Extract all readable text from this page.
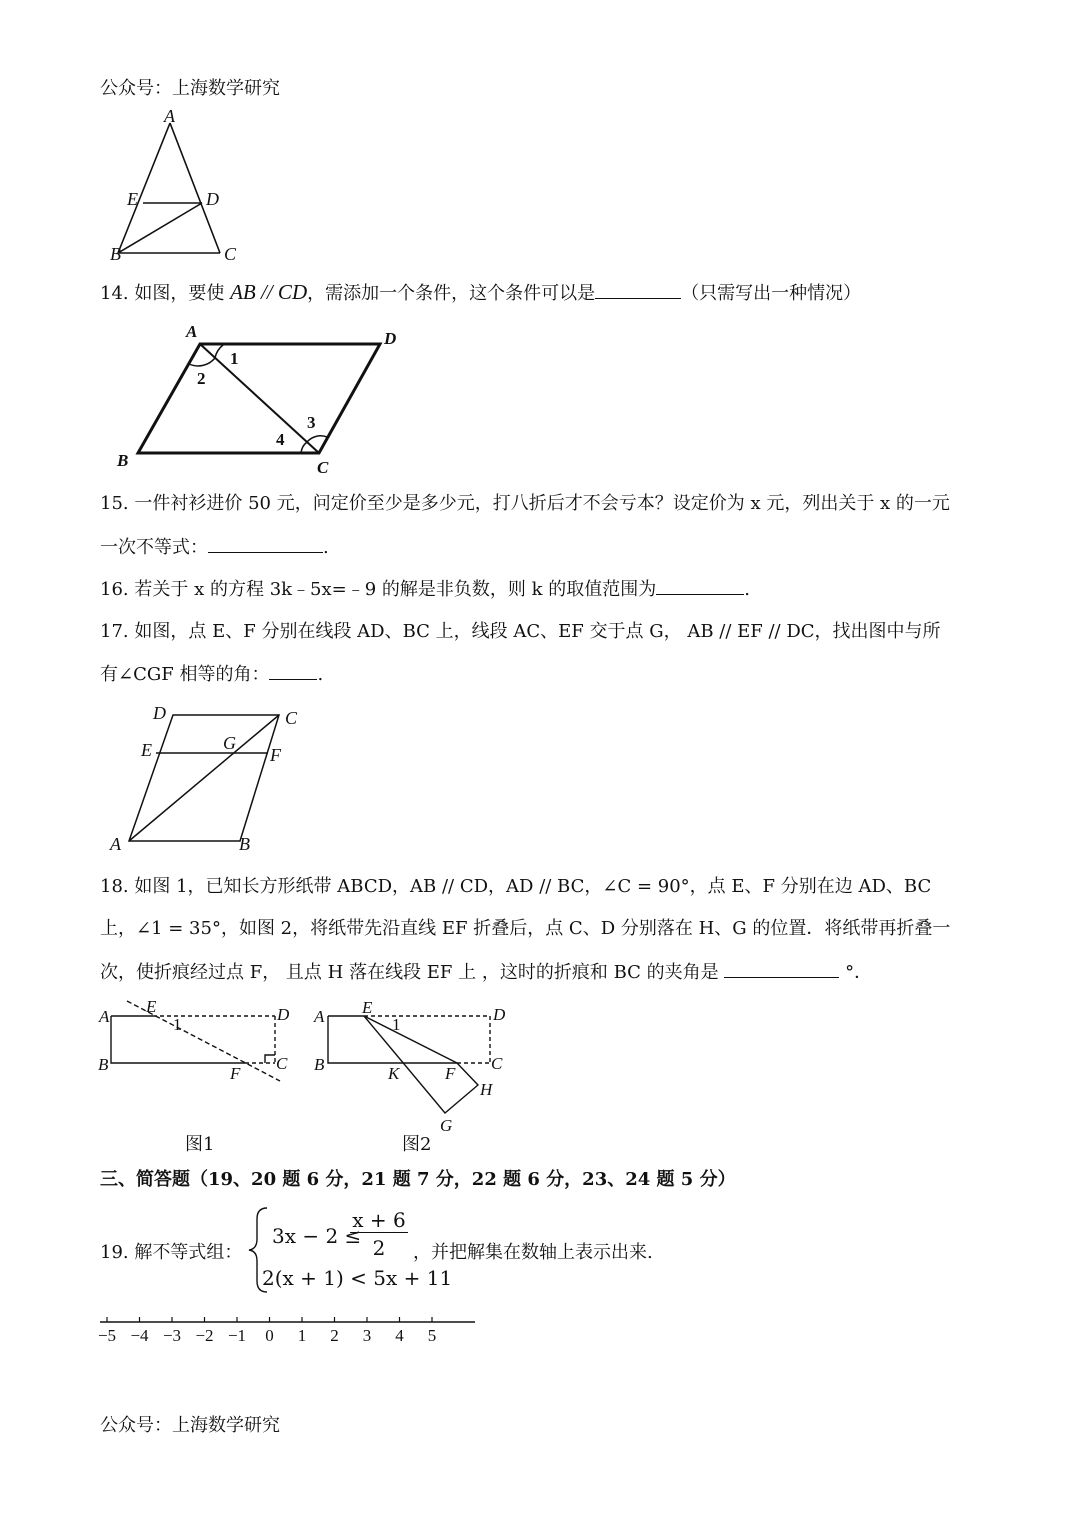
公众号：上海数学研究
A
E	D
B	C
14. 如图，要使 AB // CD，需添加一个条件，这个条件可以是	（只需写出一种情况）
A	D
B	C
1
2
3
4
15. 一件衬衫进价 50 元，问定价至少是多少元，打八折后才不会亏本？设定价为 x 元，列出关于 x 的一元
一次不等式：	.
16. 若关于 x 的方程 3k﹣5x=﹣9 的解是非负数，则 k 的取值范围为	.
17. 如图，点 E、F 分别在线段 AD、BC 上，线段 AC、EF 交于点 G， AB // EF // DC，找出图中与所
有∠CGF 相等的角：	.
D	C
E	G
F
A	B
18. 如图 1，已知长方形纸带 ABCD，AB // CD，AD // BC，∠C = 90°，点 E、F 分别在边 AD、BC
上，∠1 = 35°，如图 2，将纸带先沿直线 EF 折叠后，点 C、D 分别落在 H、G 的位置．将纸带再折叠一
次，使折痕经过点 F， 且点 H 落在线段 EF 上 ，这时的折痕和 BC 的夹角是	°．
A
E
1
D
B	F
C
A E
1
D
B	K	F
C
H
G
图1	图2
三、简答题（19、20 题 6 分，21 题 7 分，22 题 6 分，23、24 题 5 分）
19. 解不等式组：
3x − 2 ≤
x + 6
2
2(x + 1) < 5x + 11
，并把解集在数轴上表示出来.
−5 −4 −3 −2 −1 0 1 2 3 4 5
公众号：上海数学研究
